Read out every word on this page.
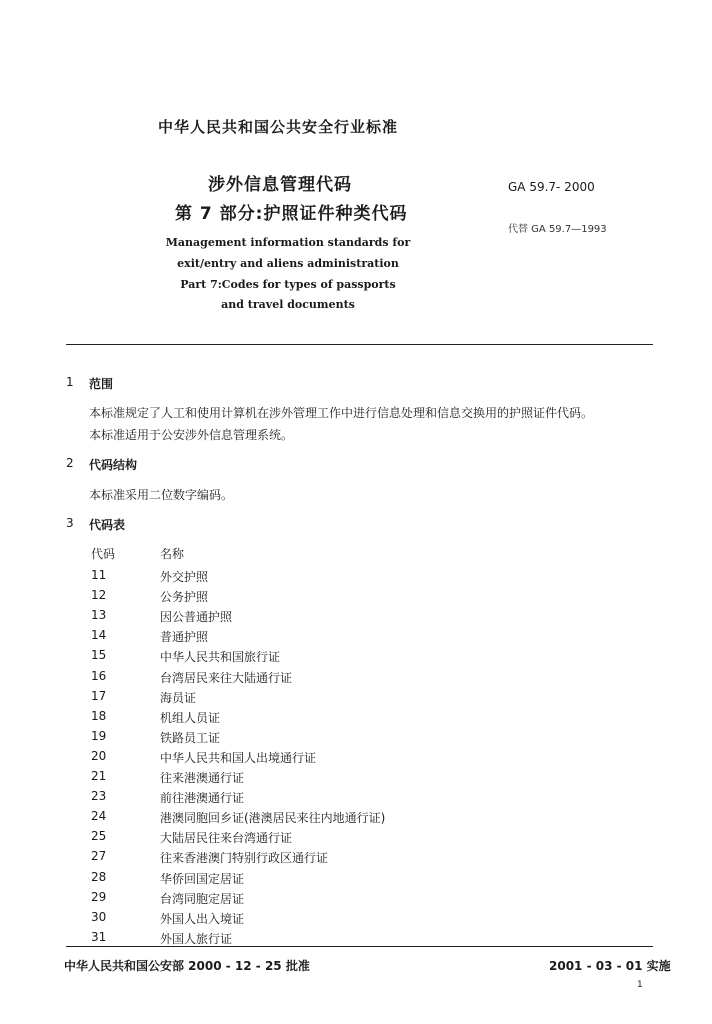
中华人民共和国公共安全行业标准
涉外信息管理代码
第 7 部分:护照证件种类代码
GA 59.7- 2000
代替 GA 59.7—1993
Management information standards for
exit/entry and aliens administration
Part 7:Codes for types of passports
and travel documents
1 范围
本标准规定了人工和使用计算机在涉外管理工作中进行信息处理和信息交换用的护照证件代码。
本标准适用于公安涉外信息管理系统。
2 代码结构
本标准采用二位数字编码。
3 代码表
代码	名称
11	外交护照
12	公务护照
13	因公普通护照
14	普通护照
15	中华人民共和国旅行证
16	台湾居民来往大陆通行证
17	海员证
18	机组人员证
19	铁路员工证
20	中华人民共和国人出境通行证
21	往来港澳通行证
23	前往港澳通行证
24	港澳同胞回乡证(港澳居民来往内地通行证)
25	大陆居民往来台湾通行证
27	往来香港澳门特别行政区通行证
28	华侨回国定居证
29	台湾同胞定居证
30	外国人出入境证
31	外国人旅行证
中华人民共和国公安部 2000 - 12 - 25 批准	2001 - 03 - 01 实施
1
